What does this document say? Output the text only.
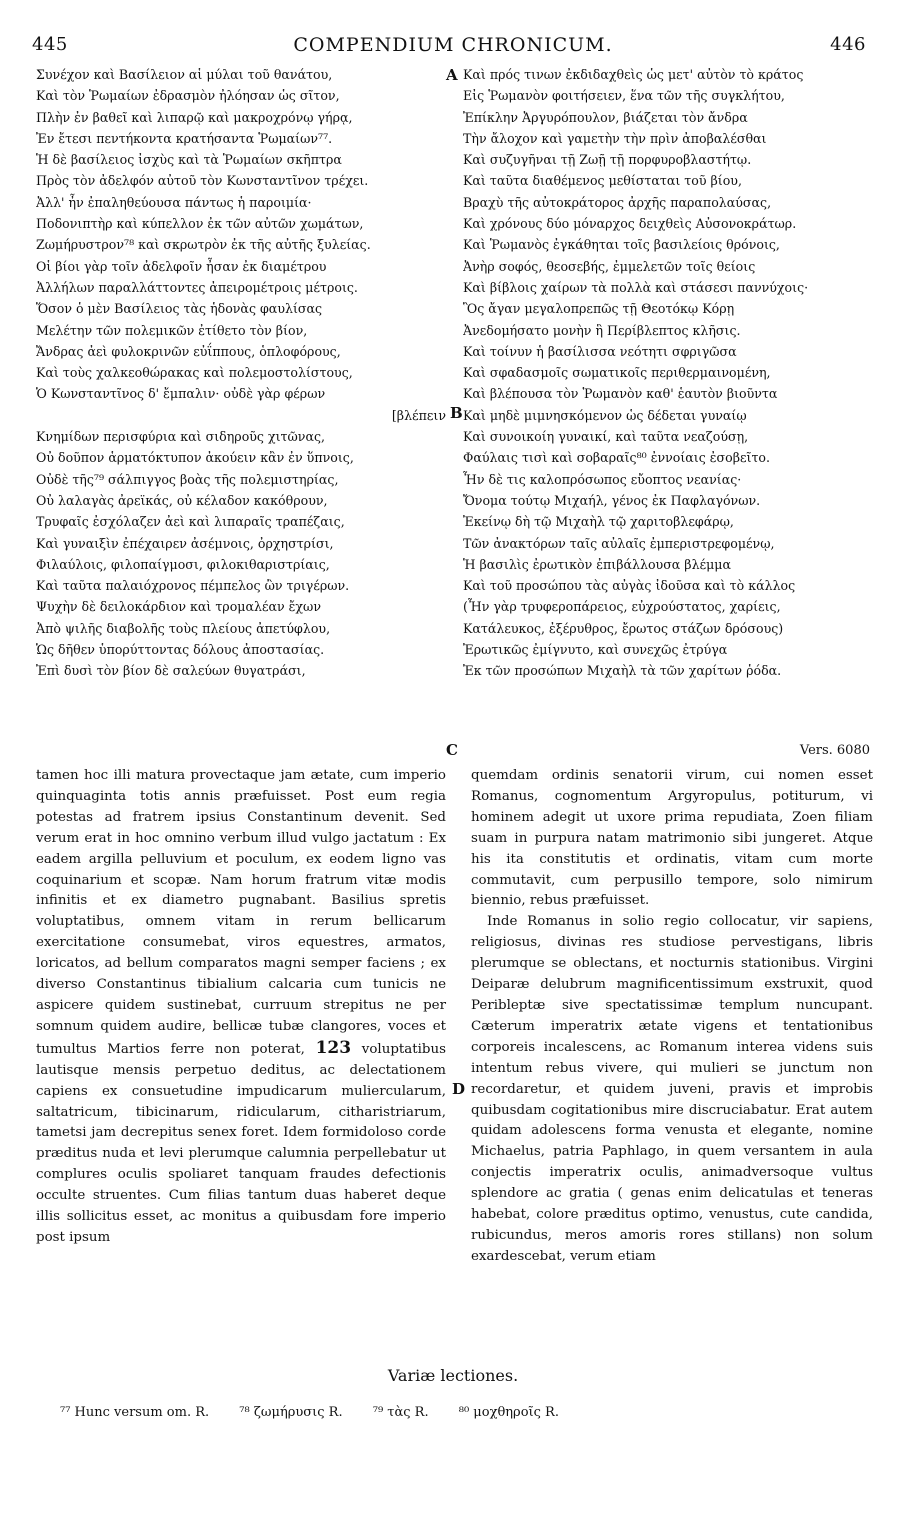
445	COMPENDIUM CHRONICUM.	446
A
B
C
D
Συνέχον καὶ Βασίλειον αἱ μύλαι τοῦ θανάτου,
Καὶ τὸν Ῥωμαίων ἐδρασμὸν ἠλόησαν ὡς σῖτον,
Πλὴν ἐν βαθεῖ καὶ λιπαρῷ καὶ μακροχρόνῳ γήρᾳ,
Ἐν ἔτεσι πεντήκοντα κρατήσαντα Ῥωμαίων⁷⁷.
Ἡ δὲ βασίλειος ἰσχὺς καὶ τὰ Ῥωμαίων σκῆπτρα
Πρὸς τὸν ἀδελφόν αὐτοῦ τὸν Κωνσταντῖνον τρέχει.
Ἀλλ' ἦν ἐπαληθεύουσα πάντως ἡ παροιμία·
Ποδονιπτὴρ καὶ κύπελλον ἐκ τῶν αὐτῶν χωμάτων,
Ζωμήρυστρον⁷⁸ καὶ σκρωτρὸν ἐκ τῆς αὐτῆς ξυλείας.
Οἱ βίοι γὰρ τοῖν ἀδελφοῖν ἦσαν ἐκ διαμέτρου
Ἀλλήλων παραλλάττοντες ἀπειρομέτροις μέτροις.
Ὅσον ὁ μὲν Βασίλειος τὰς ἡδονὰς φαυλίσας
Μελέτην τῶν πολεμικῶν ἐτίθετο τὸν βίον,
Ἄνδρας ἀεὶ φυλοκρινῶν εὐΐππους, ὁπλοφόρους,
Καὶ τοὺς χαλκεοθώρακας καὶ πολεμοστολίστους,
Ὁ Κωνσταντῖνος δ' ἔμπαλιν· οὐδὲ γὰρ φέρων
[βλέπειν
Κνημίδων περισφύρια καὶ σιδηροῦς χιτῶνας,
Οὐ δοῦπον ἁρματόκτυπον ἀκούειν κἂν ἐν ὕπνοις,
Οὐδὲ τῆς⁷⁹ σάλπιγγος βοὰς τῆς πολεμιστηρίας,
Οὐ λαλαγὰς ἀρεϊκάς, οὐ κέλαδον κακόθρουν,
Τρυφαῖς ἐσχόλαζεν ἀεὶ καὶ λιπαραῖς τραπέζαις,
Καὶ γυναιξὶν ἐπέχαιρεν ἀσέμνοις, ὀρχηστρίσι,
Φιλαύλοις, φιλοπαίγμοσι, φιλοκιθαριστρίαις,
Καὶ ταῦτα παλαιόχρονος πέμπελος ὢν τριγέρων.
Ψυχὴν δὲ δειλοκάρδιον καὶ τρομαλέαν ἔχων
Ἀπὸ ψιλῆς διαβολῆς τοὺς πλείους ἀπετύφλου,
Ὡς δῆθεν ὑπορύττοντας δόλους ἀποστασίας.
Ἐπὶ δυσὶ τὸν βίον δὲ σαλεύων θυγατράσι,
Καὶ πρός τινων ἐκδιδαχθεὶς ὡς μετ' αὐτὸν τὸ κράτος
Εἰς Ῥωμανὸν φοιτήσειεν, ἕνα τῶν τῆς συγκλήτου,
Ἐπίκλην Ἀργυρόπουλον, βιάζεται τὸν ἄνδρα
Τὴν ἄλοχον καὶ γαμετὴν τὴν πρὶν ἀποβαλέσθαι
Καὶ συζυγῆναι τῇ Ζωῇ τῇ πορφυροβλαστήτῳ.
Καὶ ταῦτα διαθέμενος μεθίσταται τοῦ βίου,
Βραχὺ τῆς αὐτοκράτορος ἀρχῆς παραπολαύσας,
Καὶ χρόνους δύο μόναρχος δειχθεὶς Αὐσονοκράτωρ.
Καὶ Ῥωμανὸς ἐγκάθηται τοῖς βασιλείοις θρόνοις,
Ἀνὴρ σοφός, θεοσεβής, ἐμμελετῶν τοῖς θείοις
Καὶ βίβλοις χαίρων τὰ πολλὰ καὶ στάσεσι παννύχοις·
Ὃς ἄγαν μεγαλοπρεπῶς τῇ Θεοτόκῳ Κόρῃ
Ἀνεδομήσατο μονὴν ἣ Περίβλεπτος κλῆσις.
Καὶ τοίνυν ἡ βασίλισσα νεότητι σφριγῶσα
Καὶ σφαδασμοῖς σωματικοῖς περιθερμαινομένη,
Καὶ βλέπουσα τὸν Ῥωμανὸν καθ' ἑαυτὸν βιοῦντα
Καὶ μηδὲ μιμνησκόμενον ὡς δέδεται γυναίῳ
Καὶ συνοικοίη γυναικί, καὶ ταῦτα νεαζούσῃ,
Φαύλαις τισὶ καὶ σοβαραῖς⁸⁰ ἐννοίαις ἐσοβεῖτο.
Ἦν δὲ τις καλοπρόσωπος εὔοπτος νεανίας·
Ὄνομα τούτῳ Μιχαήλ, γένος ἐκ Παφλαγόνων.
Ἐκείνῳ δὴ τῷ Μιχαὴλ τῷ χαριτοβλεφάρῳ,
Τῶν ἀνακτόρων ταῖς αὐλαῖς ἐμπεριστρεφομένῳ,
Ἡ βασιλὶς ἐρωτικὸν ἐπιβάλλουσα βλέμμα
Καὶ τοῦ προσώπου τὰς αὐγὰς ἰδοῦσα καὶ τὸ κάλλος
(Ἦν γὰρ τρυφεροπάρειος, εὐχρούστατος, χαρίεις,
Κατάλευκος, ἐξέρυθρος, ἔρωτος στάζων δρόσους)
Ἐρωτικῶς ἐμίγνυτο, καὶ συνεχῶς ἐτρύγα
Ἐκ τῶν προσώπων Μιχαὴλ τὰ τῶν χαρίτων ῥόδα.
Vers. 6080

tamen hoc illi matura provectaque jam ætate, cum imperio quinquaginta totis annis præfuisset. Post eum regia potestas ad fratrem ipsius Constantinum devenit. Sed verum erat in hoc omnino verbum illud vulgo jactatum : Ex eadem argilla pelluvium et poculum, ex eodem ligno vas coquinarium et scopæ. Nam horum fratrum vitæ modis infinitis et ex diametro pugnabant. Basilius spretis voluptatibus, omnem vitam in rerum bellicarum exercitatione consumebat, viros equestres, armatos, loricatos, ad bellum comparatos magni semper faciens ; ex diverso Constantinus tibialium calcaria cum tunicis ne aspicere quidem sustinebat, curruum strepitus ne per somnum quidem audire, bellicæ tubæ clangores, voces et tumultus Martios ferre non poterat, 123 voluptatibus lautisque mensis perpetuo deditus, ac delectationem capiens ex consuetudine impudicarum muliercularum, saltatricum, tibicinarum, ridicularum, citharistriarum, tametsi jam decrepitus senex foret. Idem formidoloso corde præditus nuda et levi plerumque calumnia perpellebatur ut complures oculis spoliaret tanquam fraudes defectionis occulte struentes. Cum filias tantum duas haberet deque illis sollicitus esset, ac monitus a quibusdam fore imperio post ipsum

quemdam ordinis senatorii virum, cui nomen esset Romanus, cognomentum Argyropulus, potiturum, vi hominem adegit ut uxore prima repudiata, Zoen filiam suam in purpura natam matrimonio sibi jungeret. Atque his ita constitutis et ordinatis, vitam cum morte commutavit, cum perpusillo tempore, solo nimirum biennio, rebus præfuisset.

Inde Romanus in solio regio collocatur, vir sapiens, religiosus, divinas res studiose pervestigans, libris plerumque se oblectans, et nocturnis stationibus. Virgini Deiparæ delubrum magnificentissimum exstruxit, quod Peribleptæ sive spectatissimæ templum nuncupant. Cæterum imperatrix ætate vigens et tentationibus corporeis incalescens, ac Romanum interea videns suis intentum rebus vivere, qui mulieri se junctum non recordaretur, et quidem juveni, pravis et improbis quibusdam cogitationibus mire discruciabatur. Erat autem quidam adolescens forma venusta et elegante, nomine Michaelus, patria Paphlago, in quem versantem in aula conjectis imperatrix oculis, animadversoque vultus splendore ac gratia ( genas enim delicatulas et teneras habebat, colore præditus optimo, venustus, cute candida, rubicundus, meros amoris rores stillans) non solum exardescebat, verum etiam

Variæ lectiones.
⁷⁷ Hunc versum om. R. ⁷⁸ ζωμήρυσις R. ⁷⁹ τὰς R. ⁸⁰ μοχθηροῖς R.
